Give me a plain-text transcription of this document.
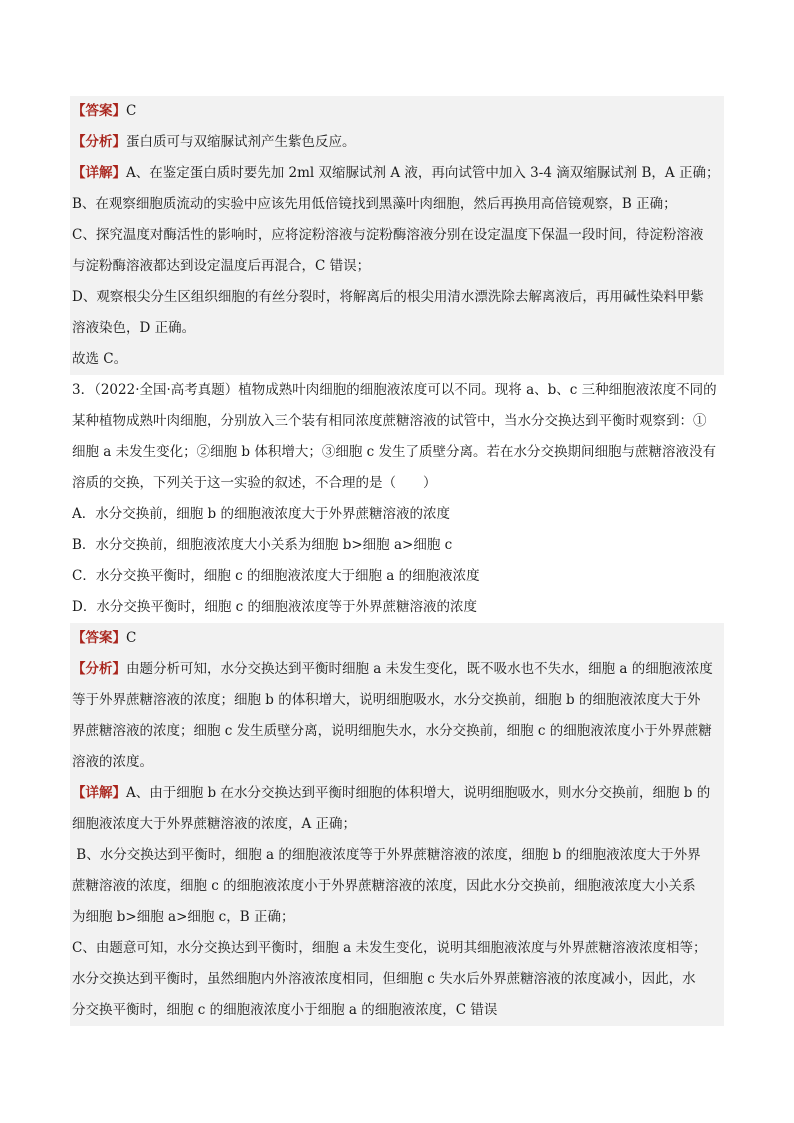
【答案】C
【分析】蛋白质可与双缩脲试剂产生紫色反应。
【详解】A、在鉴定蛋白质时要先加 2ml 双缩脲试剂 A 液，再向试管中加入 3-4 滴双缩脲试剂 B，A 正确；
B、在观察细胞质流动的实验中应该先用低倍镜找到黑藻叶肉细胞，然后再换用高倍镜观察，B 正确；
C、探究温度对酶活性的影响时，应将淀粉溶液与淀粉酶溶液分别在设定温度下保温一段时间，待淀粉溶液
与淀粉酶溶液都达到设定温度后再混合，C 错误；
D、观察根尖分生区组织细胞的有丝分裂时，将解离后的根尖用清水漂洗除去解离液后，再用碱性染料甲紫
溶液染色，D 正确。
故选 C。
3．（2022·全国·高考真题）植物成熟叶肉细胞的细胞液浓度可以不同。现将 a、b、c 三种细胞液浓度不同的
某种植物成熟叶肉细胞，分别放入三个装有相同浓度蔗糖溶液的试管中，当水分交换达到平衡时观察到：①
细胞 a 未发生变化；②细胞 b 体积增大；③细胞 c 发生了质壁分离。若在水分交换期间细胞与蔗糖溶液没有
溶质的交换，下列关于这一实验的叙述，不合理的是（　　）
A．水分交换前，细胞 b 的细胞液浓度大于外界蔗糖溶液的浓度
B．水分交换前，细胞液浓度大小关系为细胞 b>细胞 a>细胞 c
C．水分交换平衡时，细胞 c 的细胞液浓度大于细胞 a 的细胞液浓度
D．水分交换平衡时，细胞 c 的细胞液浓度等于外界蔗糖溶液的浓度
【答案】C
【分析】由题分析可知，水分交换达到平衡时细胞 a 未发生变化，既不吸水也不失水，细胞 a 的细胞液浓度
等于外界蔗糖溶液的浓度；细胞 b 的体积增大，说明细胞吸水，水分交换前，细胞 b 的细胞液浓度大于外
界蔗糖溶液的浓度；细胞 c 发生质壁分离，说明细胞失水，水分交换前，细胞 c 的细胞液浓度小于外界蔗糖
溶液的浓度。
【详解】A、由于细胞 b 在水分交换达到平衡时细胞的体积增大，说明细胞吸水，则水分交换前，细胞 b 的
细胞液浓度大于外界蔗糖溶液的浓度，A 正确；
B、水分交换达到平衡时，细胞 a 的细胞液浓度等于外界蔗糖溶液的浓度，细胞 b 的细胞液浓度大于外界
蔗糖溶液的浓度，细胞 c 的细胞液浓度小于外界蔗糖溶液的浓度，因此水分交换前，细胞液浓度大小关系
为细胞 b>细胞 a>细胞 c，B 正确；
C、由题意可知，水分交换达到平衡时，细胞 a 未发生变化，说明其细胞液浓度与外界蔗糖溶液浓度相等；
水分交换达到平衡时，虽然细胞内外溶液浓度相同，但细胞 c 失水后外界蔗糖溶液的浓度减小，因此，水
分交换平衡时，细胞 c 的细胞液浓度小于细胞 a 的细胞液浓度，C 错误
